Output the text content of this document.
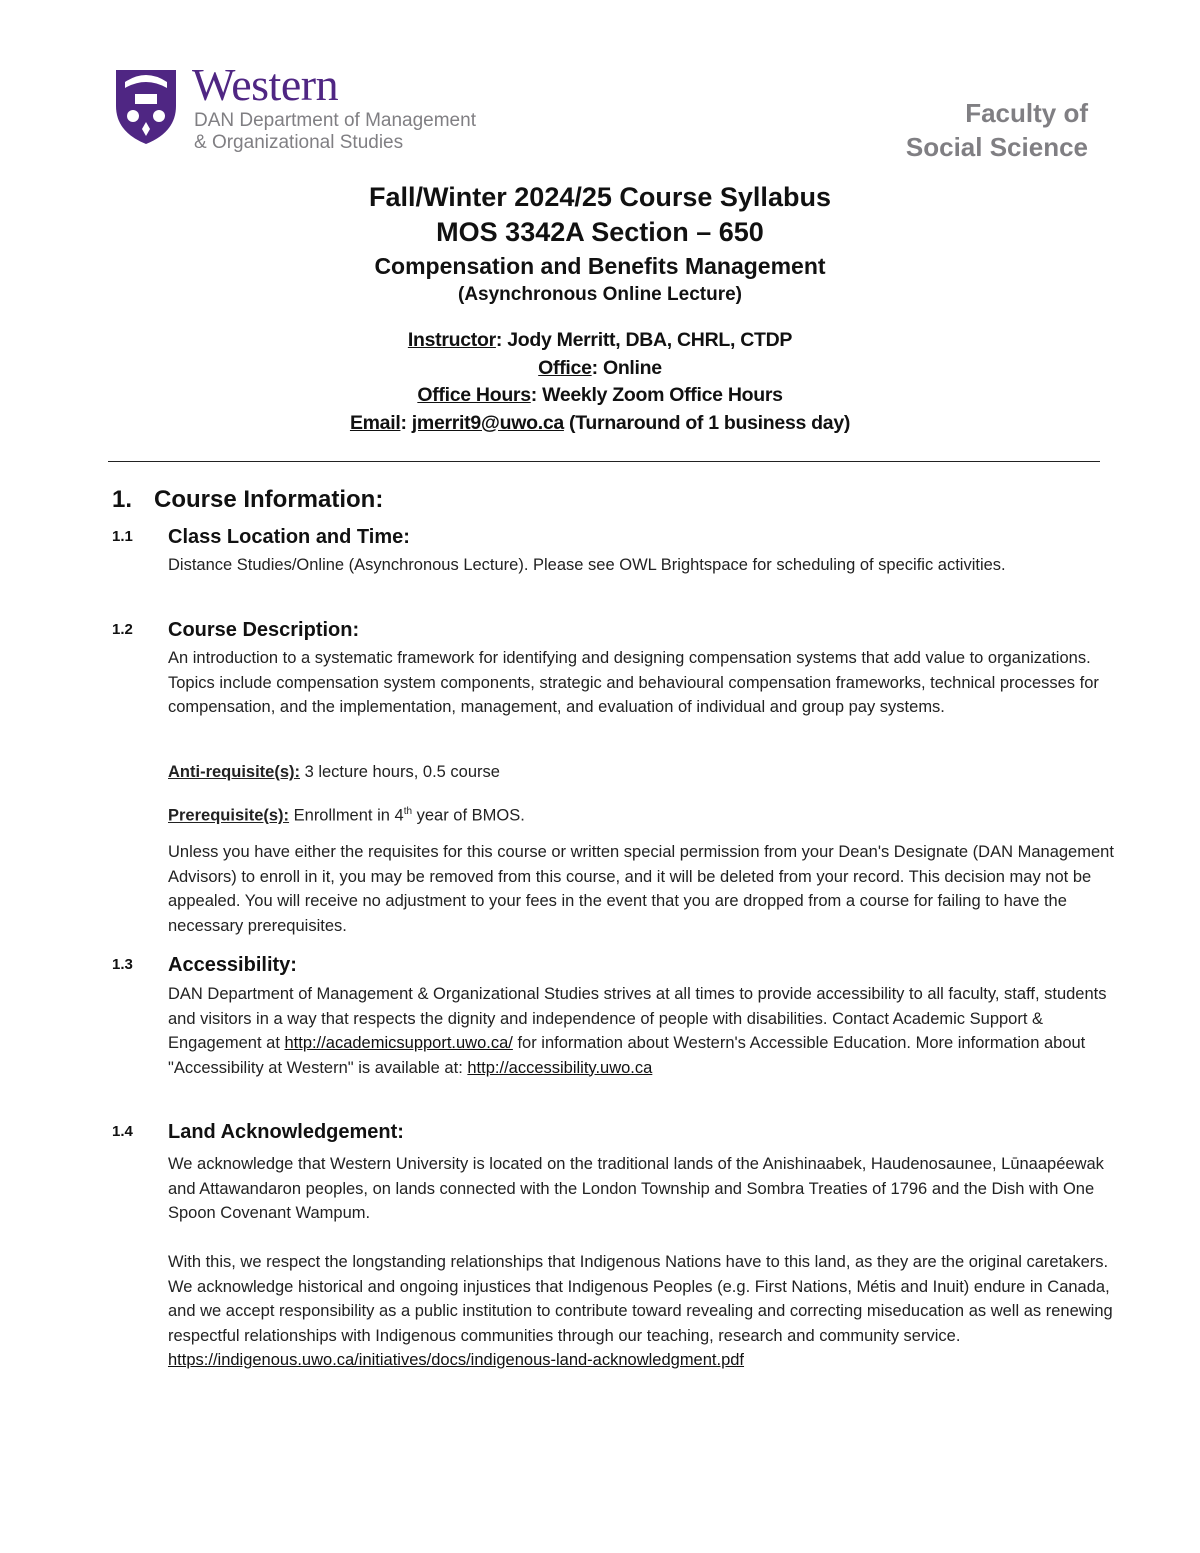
Western
DAN Department of Management
& Organizational Studies
Faculty of
Social Science
Fall/Winter 2024/25 Course Syllabus
MOS 3342A Section – 650
Compensation and Benefits Management
(Asynchronous Online Lecture)
Instructor: Jody Merritt, DBA, CHRL, CTDP
Office: Online
Office Hours: Weekly Zoom Office Hours
Email: jmerrit9@uwo.ca (Turnaround of 1 business day)
1. Course Information:
1.1 Class Location and Time:
Distance Studies/Online (Asynchronous Lecture). Please see OWL Brightspace for scheduling of specific activities.
1.2 Course Description:
An introduction to a systematic framework for identifying and designing compensation systems that add value to organizations. Topics include compensation system components, strategic and behavioural compensation frameworks, technical processes for compensation, and the implementation, management, and evaluation of individual and group pay systems.
Anti-requisite(s): 3 lecture hours, 0.5 course
Prerequisite(s): Enrollment in 4th year of BMOS.
Unless you have either the requisites for this course or written special permission from your Dean's Designate (DAN Management Advisors) to enroll in it, you may be removed from this course, and it will be deleted from your record. This decision may not be appealed. You will receive no adjustment to your fees in the event that you are dropped from a course for failing to have the necessary prerequisites.
1.3 Accessibility:
DAN Department of Management & Organizational Studies strives at all times to provide accessibility to all faculty, staff, students and visitors in a way that respects the dignity and independence of people with disabilities. Contact Academic Support & Engagement at http://academicsupport.uwo.ca/ for information about Western's Accessible Education. More information about "Accessibility at Western" is available at: http://accessibility.uwo.ca
1.4 Land Acknowledgement:

We acknowledge that Western University is located on the traditional lands of the Anishinaabek, Haudenosaunee, Lūnaapéewak and Attawandaron peoples, on lands connected with the London Township and Sombra Treaties of 1796 and the Dish with One Spoon Covenant Wampum.

With this, we respect the longstanding relationships that Indigenous Nations have to this land, as they are the original caretakers. We acknowledge historical and ongoing injustices that Indigenous Peoples (e.g. First Nations, Métis and Inuit) endure in Canada, and we accept responsibility as a public institution to contribute toward revealing and correcting miseducation as well as renewing respectful relationships with Indigenous communities through our teaching, research and community service.

https://indigenous.uwo.ca/initiatives/docs/indigenous-land-acknowledgment.pdf
